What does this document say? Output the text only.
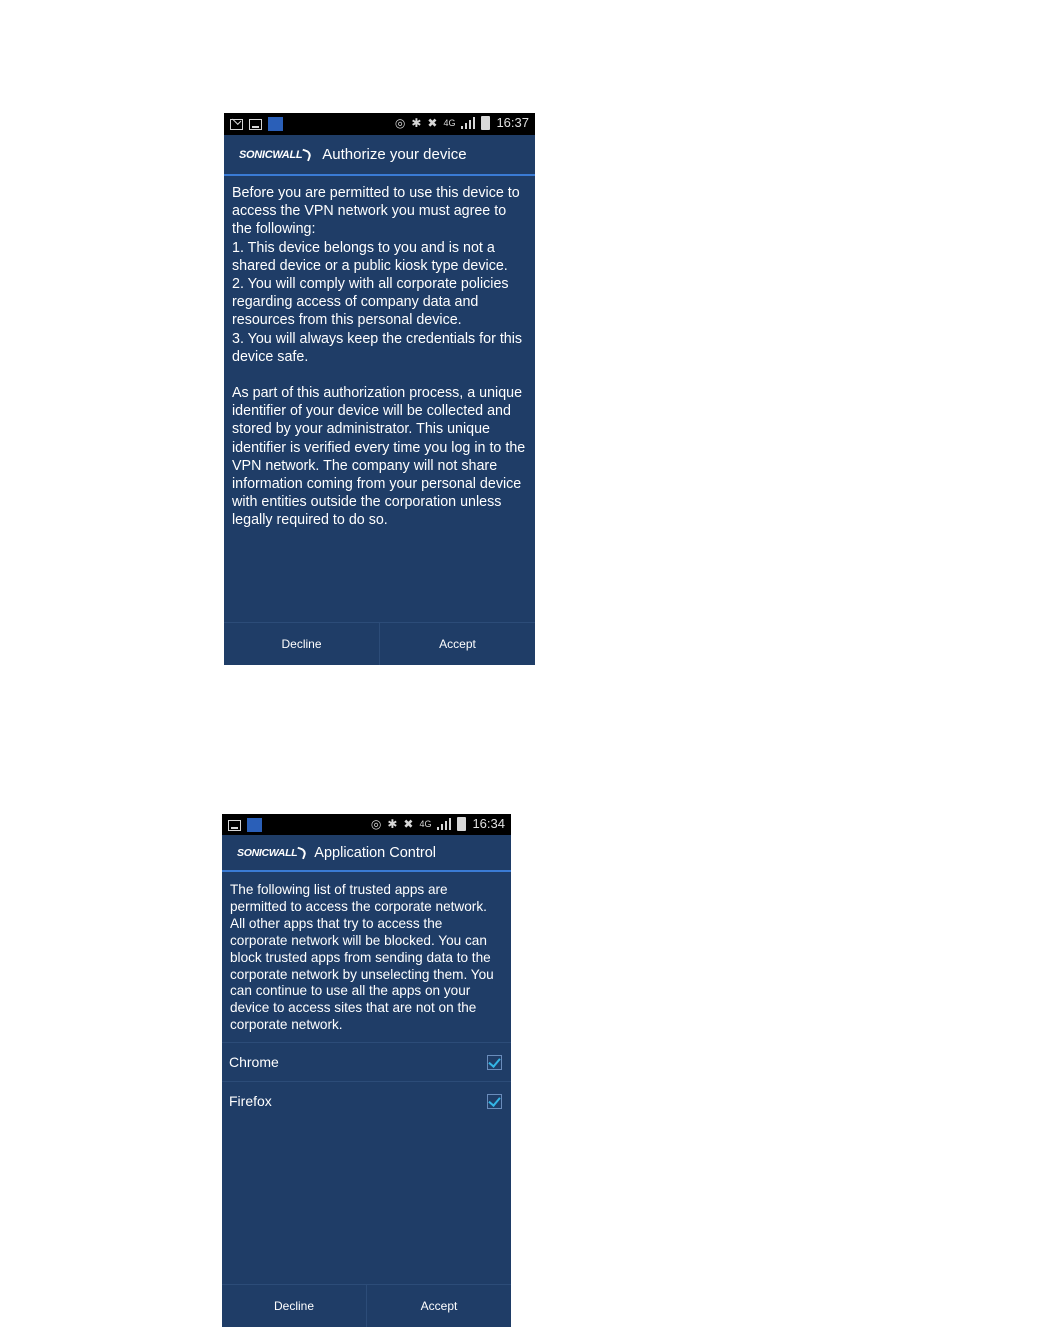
◎ ✱ ✖ 4G	16:37
SONICWALL Authorize your device

Before you are permitted to use this device to access the VPN network you must agree to the following:

1. This device belongs to you and is not a shared device or a public kiosk type device.

2. You will comply with all corporate policies regarding access of company data and resources from this personal device.

3. You will always keep the credentials for this device safe.

As part of this authorization process, a unique identifier of your device will be collected and stored by your administrator. This unique identifier is verified every time you log in to the VPN network. The company will not share information coming from your personal device with entities outside the corporation unless legally required to do so.

Decline	Accept
◎ ✱ ✖ 4G	16:34
SONICWALL Application Control

The following list of trusted apps are permitted to access the corporate network. All other apps that try to access the corporate network will be blocked. You can block trusted apps from sending data to the corporate network by unselecting them. You can continue to use all the apps on your device to access sites that are not on the corporate network.

Chrome
Firefox
Decline	Accept
